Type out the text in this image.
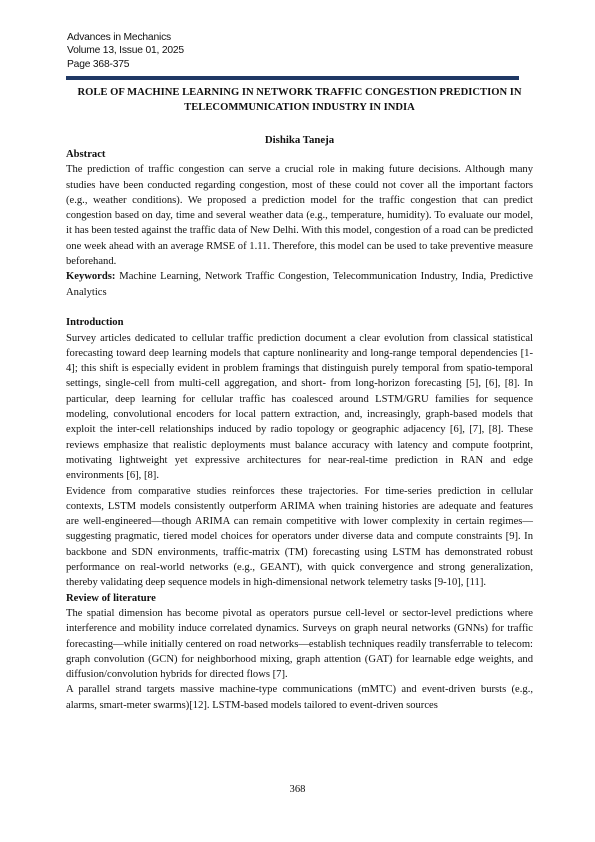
Advances in Mechanics
Volume 13, Issue 01, 2025
Page 368-375
ROLE OF MACHINE LEARNING IN NETWORK TRAFFIC CONGESTION PREDICTION IN TELECOMMUNICATION INDUSTRY IN INDIA
Dishika Taneja
Abstract

The prediction of traffic congestion can serve a crucial role in making future decisions. Although many studies have been conducted regarding congestion, most of these could not cover all the important factors (e.g., weather conditions). We proposed a prediction model for the traffic congestion that can predict congestion based on day, time and several weather data (e.g., temperature, humidity). To evaluate our model, it has been tested against the traffic data of New Delhi. With this model, congestion of a road can be predicted one week ahead with an average RMSE of 1.11. Therefore, this model can be used to take preventive measure beforehand.

Keywords: Machine Learning, Network Traffic Congestion, Telecommunication Industry, India, Predictive Analytics

Introduction

Survey articles dedicated to cellular traffic prediction document a clear evolution from classical statistical forecasting toward deep learning models that capture nonlinearity and long-range temporal dependencies [1-4]; this shift is especially evident in problem framings that distinguish purely temporal from spatio-temporal settings, single-cell from multi-cell aggregation, and short- from long-horizon forecasting [5], [6], [8]. In particular, deep learning for cellular traffic has coalesced around LSTM/GRU families for sequence modeling, convolutional encoders for local pattern extraction, and, increasingly, graph-based models that exploit the inter-cell relationships induced by radio topology or geographic adjacency [6], [7], [8]. These reviews emphasize that realistic deployments must balance accuracy with latency and compute footprint, motivating lightweight yet expressive architectures for near-real-time prediction in RAN and edge environments [6], [8].

Evidence from comparative studies reinforces these trajectories. For time-series prediction in cellular contexts, LSTM models consistently outperform ARIMA when training histories are adequate and features are well-engineered—though ARIMA can remain competitive with lower complexity in certain regimes—suggesting pragmatic, tiered model choices for operators under diverse data and compute constraints [9]. In backbone and SDN environments, traffic-matrix (TM) forecasting using LSTM has demonstrated robust performance on real-world networks (e.g., GEANT), with quick convergence and strong generalization, thereby validating deep sequence models in high-dimensional network telemetry tasks [9-10], [11].

Review of literature

The spatial dimension has become pivotal as operators pursue cell-level or sector-level predictions where interference and mobility induce correlated dynamics. Surveys on graph neural networks (GNNs) for traffic forecasting—while initially centered on road networks—establish techniques readily transferrable to telecom: graph convolution (GCN) for neighborhood mixing, graph attention (GAT) for learnable edge weights, and diffusion/convolution hybrids for directed flows [7].

A parallel strand targets massive machine-type communications (mMTC) and event-driven bursts (e.g., alarms, smart-meter swarms)[12]. LSTM-based models tailored to event-driven sources

368
